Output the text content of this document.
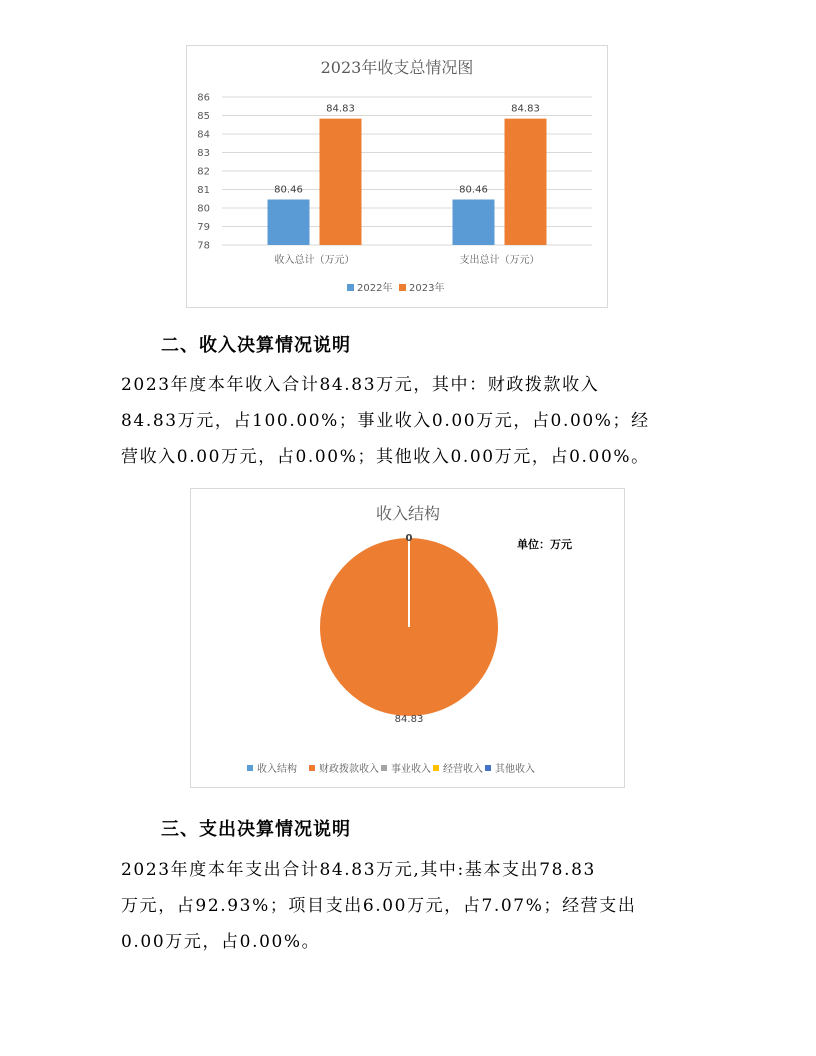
2023年收支总情况图
78
79
80
81
82
83
84
85
86
80.46
84.83
80.46
84.83
收入总计（万元）	支出总计（万元）
2022年 2023年
二、收入决算情况说明
2023年度本年收入合计84.83万元，其中：财政拨款收入
84.83万元，占100.00%；事业收入0.00万元，占0.00%；经
营收入0.00万元，占0.00%；其他收入0.00万元，占0.00%。
收入结构
单位：万元
0
84.83
收入结构 财政拨款收入 事业收入 经营收入 其他收入
三、支出决算情况说明
2023年度本年支出合计84.83万元,其中:基本支出78.83
万元，占92.93%；项目支出6.00万元，占7.07%；经营支出
0.00万元，占0.00%。
